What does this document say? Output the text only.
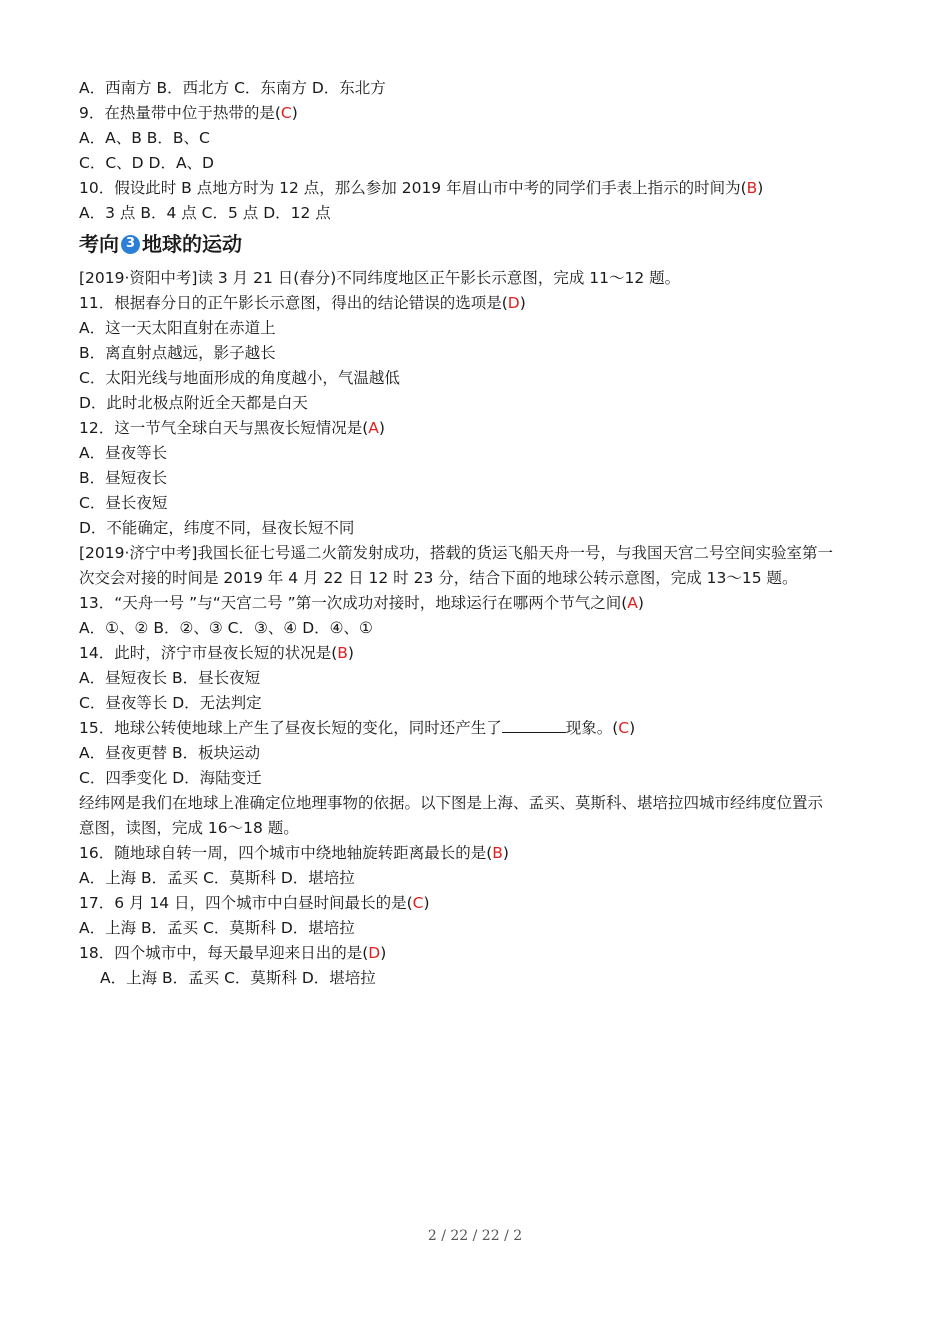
A．西南方 B．西北方 C．东南方 D．东北方
9．在热量带中位于热带的是(C)
A．A、B B．B、C
C．C、D D．A、D
10．假设此时 B 点地方时为 12 点，那么参加 2019 年眉山市中考的同学们手表上指示的时间为(B)
A．3 点 B．4 点 C．5 点 D．12 点
考向 3 地球的运动
[2019·资阳中考]读 3 月 21 日(春分)不同纬度地区正午影长示意图，完成 11～12 题。
11．根据春分日的正午影长示意图，得出的结论错误的选项是(D)
A．这一天太阳直射在赤道上
B．离直射点越远，影子越长
C．太阳光线与地面形成的角度越小，气温越低
D．此时北极点附近全天都是白天
12．这一节气全球白天与黑夜长短情况是(A)
A．昼夜等长
B．昼短夜长
C．昼长夜短
D．不能确定，纬度不同，昼夜长短不同
[2019·济宁中考]我国长征七号遥二火箭发射成功，搭载的货运飞船天舟一号，与我国天宫二号空间实验室第一
次交会对接的时间是 2019 年 4 月 22 日 12 时 23 分，结合下面的地球公转示意图，完成 13～15 题。
13．“天舟一号 ”与“天宫二号 ”第一次成功对接时，地球运行在哪两个节气之间(A)
A．①、② B．②、③ C．③、④ D．④、①
14．此时，济宁市昼夜长短的状况是(B)
A．昼短夜长 B．昼长夜短
C．昼夜等长 D．无法判定
15．地球公转使地球上产生了昼夜长短的变化，同时还产生了	现象。(C)
A．昼夜更替 B．板块运动
C．四季变化 D．海陆变迁
经纬网是我们在地球上准确定位地理事物的依据。以下图是上海、孟买、莫斯科、堪培拉四城市经纬度位置示
意图，读图，完成 16～18 题。
16．随地球自转一周，四个城市中绕地轴旋转距离最长的是(B)
A．上海 B．孟买 C．莫斯科 D．堪培拉
17．6 月 14 日，四个城市中白昼时间最长的是(C)
A．上海 B．孟买 C．莫斯科 D．堪培拉
18．四个城市中，每天最早迎来日出的是(D)
A．上海 B．孟买 C．莫斯科 D．堪培拉
2 / 22 / 22 / 2
